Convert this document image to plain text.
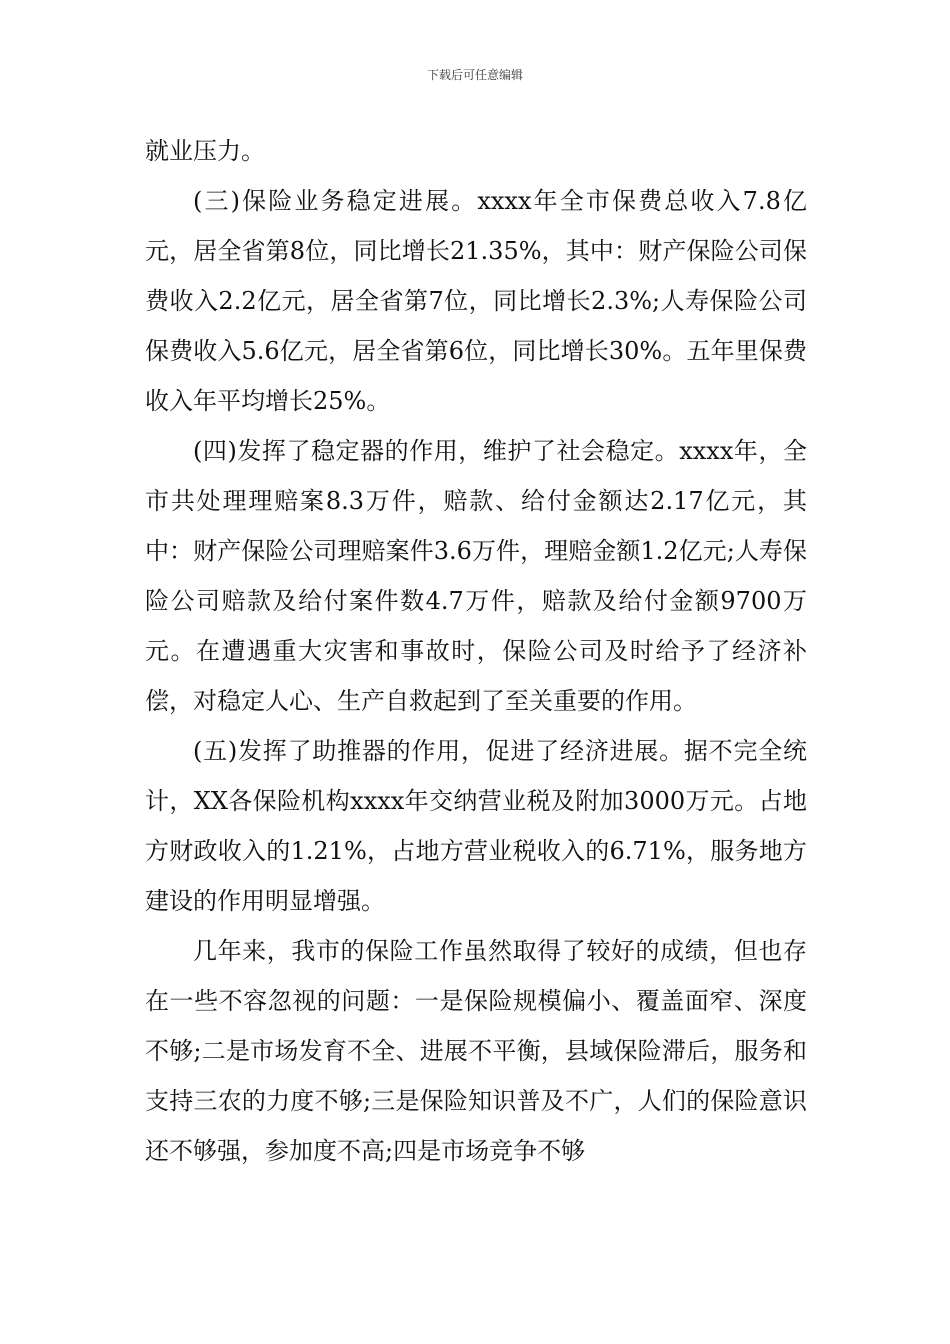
下载后可任意编辑

就业压力。

(三)保险业务稳定进展。xxxx年全市保费总收入7.8亿元，居全省第8位，同比增长21.35%，其中：财产保险公司保费收入2.2亿元，居全省第7位，同比增长2.3%;人寿保险公司保费收入5.6亿元，居全省第6位，同比增长30%。五年里保费收入年平均增长25%。

(四)发挥了稳定器的作用，维护了社会稳定。xxxx年，全市共处理理赔案8.3万件，赔款、给付金额达2.17亿元，其中：财产保险公司理赔案件3.6万件，理赔金额1.2亿元;人寿保险公司赔款及给付案件数4.7万件，赔款及给付金额9700万元。在遭遇重大灾害和事故时，保险公司及时给予了经济补偿，对稳定人心、生产自救起到了至关重要的作用。

(五)发挥了助推器的作用，促进了经济进展。据不完全统计，XX各保险机构xxxx年交纳营业税及附加3000万元。占地方财政收入的1.21%，占地方营业税收入的6.71%，服务地方建设的作用明显增强。

几年来，我市的保险工作虽然取得了较好的成绩，但也存在一些不容忽视的问题：一是保险规模偏小、覆盖面窄、深度不够;二是市场发育不全、进展不平衡，县域保险滞后，服务和支持三农的力度不够;三是保险知识普及不广，人们的保险意识还不够强，参加度不高;四是市场竞争不够
